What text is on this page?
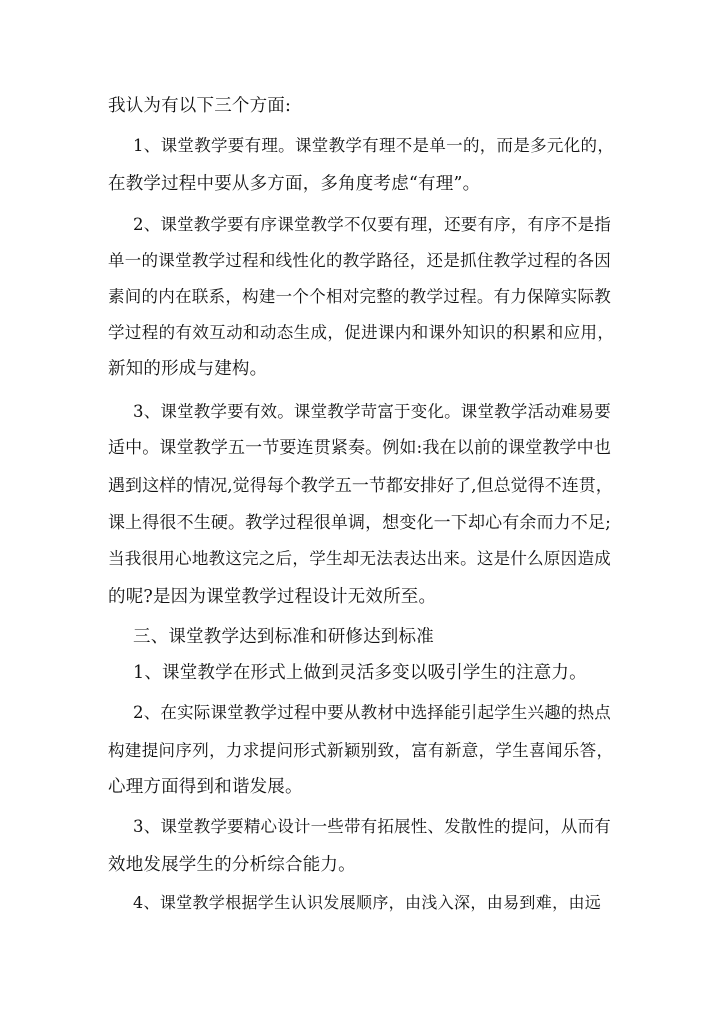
我认为有以下三个方面:
1 、 课 堂 教 学 要 有 理 。 课 堂 教 学 有 理 不 是 单 一 的 ， 而 是 多 元 化 的 ，
在教学过程中要从多方面，多角度考虑“有理”。
2 、 课 堂 教 学 要 有 序 课 堂 教 学 不 仅 要 有 理 ， 还 要 有 序 ， 有 序 不 是 指
单 一 的 课 堂 教 学 过 程 和 线 性 化 的 教 学 路 径 ， 还 是 抓 住 教 学 过 程 的 各 因
素 间 的 内 在 联 系 ， 构 建 一 个 个 相 对 完 整 的 教 学 过 程 。 有 力 保 障 实 际 教
学 过 程 的 有 效 互 动 和 动 态 生 成 ， 促 进 课 内 和 课 外 知 识 的 积 累 和 应 用 ，
新知的形成与建构。
3 、 课 堂 教 学 要 有 效 。 课 堂 教 学 苛 富 于 变 化 。 课 堂 教 学 活 动 难 易 要
适 中 。 课 堂 教 学 五 一 节 要 连 贯 紧 奏 。 例 如 : 我 在 以 前 的 课 堂 教 学 中 也
遇 到 这 样 的 情 况 , 觉 得 每 个 教 学 五 一 节 都 安 排 好 了 , 但 总 觉 得 不 连 贯 ，
课 上 得 很 不 生 硬 。 教 学 过 程 很 单 调 ， 想 变 化 一 下 却 心 有 余 而 力 不 足 ;
当 我 很 用 心 地 教 这 完 之 后 ， 学 生 却 无 法 表 达 出 来 。 这 是 什 么 原 因 造 成
的呢?是因为课堂教学过程设计无效所至。
三、课堂教学达到标准和研修达到标准
1、课堂教学在形式上做到灵活多变以吸引学生的注意力。
2 、 在 实 际 课 堂 教 学 过 程 中 要 从 教 材 中 选 择 能 引 起 学 生 兴 趣 的 热 点
构 建 提 问 序 列 ， 力 求 提 问 形 式 新 颖 别 致 ， 富 有 新 意 ， 学 生 喜 闻 乐 答 ，
心理方面得到和谐发展。
3 、 课 堂 教 学 要 精 心 设 计 一 些 带 有 拓 展 性 、 发 散 性 的 提 问 ， 从 而 有
效地发展学生的分析综合能力。
4 、 课 堂 教 学 根 据 学 生 认 识 发 展 顺 序 ， 由 浅 入 深 ， 由 易 到 难 ， 由 远
